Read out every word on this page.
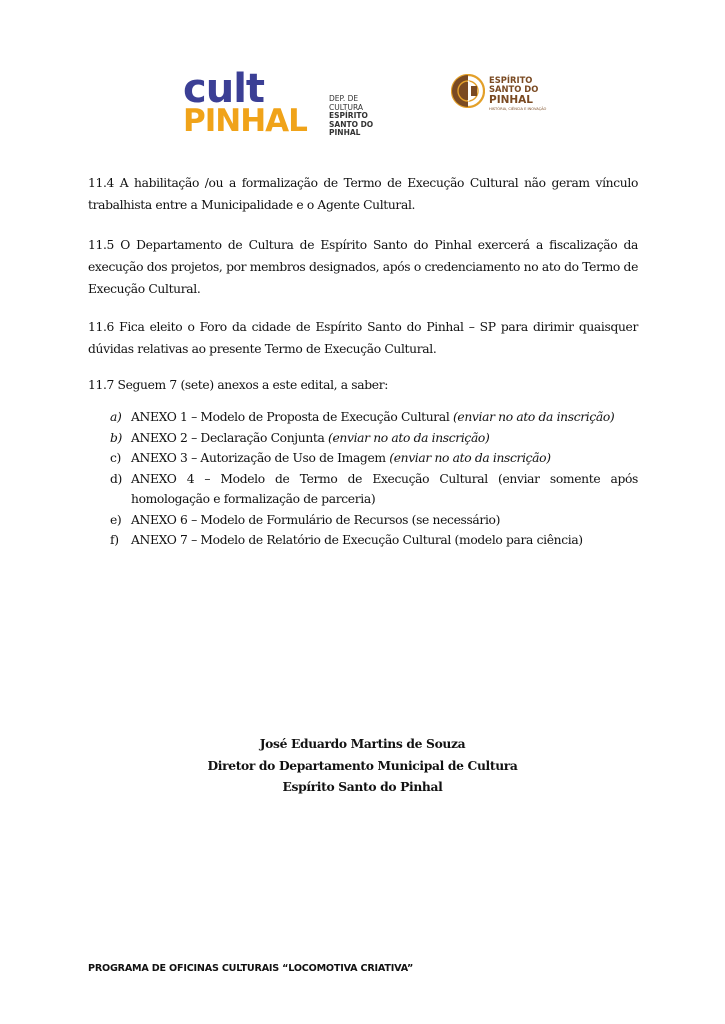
cult
PINHAL
DEP. DE
CULTURA
ESPÍRITO
SANTO DO
PINHAL
ESPÍRITO
SANTO DO
PINHAL
HISTÓRIA, CIÊNCIA E INOVAÇÃO

11.4 A habilitação /ou a formalização de Termo de Execução Cultural não geram vínculo trabalhista entre a Municipalidade e o Agente Cultural.

11.5 O Departamento de Cultura de Espírito Santo do Pinhal exercerá a fiscalização da execução dos projetos, por membros designados, após o credenciamento no ato do Termo de Execução Cultural.

11.6 Fica eleito o Foro da cidade de Espírito Santo do Pinhal – SP para dirimir quaisquer dúvidas relativas ao presente Termo de Execução Cultural.

11.7 Seguem 7 (sete) anexos a este edital, a saber:

a) ANEXO 1 – Modelo de Proposta de Execução Cultural (enviar no ato da inscrição)
b) ANEXO 2 – Declaração Conjunta (enviar no ato da inscrição)
c) ANEXO 3 – Autorização de Uso de Imagem (enviar no ato da inscrição)
d) ANEXO 4 – Modelo de Termo de Execução Cultural (enviar somente após homologação e formalização de parceria)
e) ANEXO 6 – Modelo de Formulário de Recursos (se necessário)
f) ANEXO 7 – Modelo de Relatório de Execução Cultural (modelo para ciência)
José Eduardo Martins de Souza
Diretor do Departamento Municipal de Cultura
Espírito Santo do Pinhal
PROGRAMA DE OFICINAS CULTURAIS “LOCOMOTIVA CRIATIVA”
